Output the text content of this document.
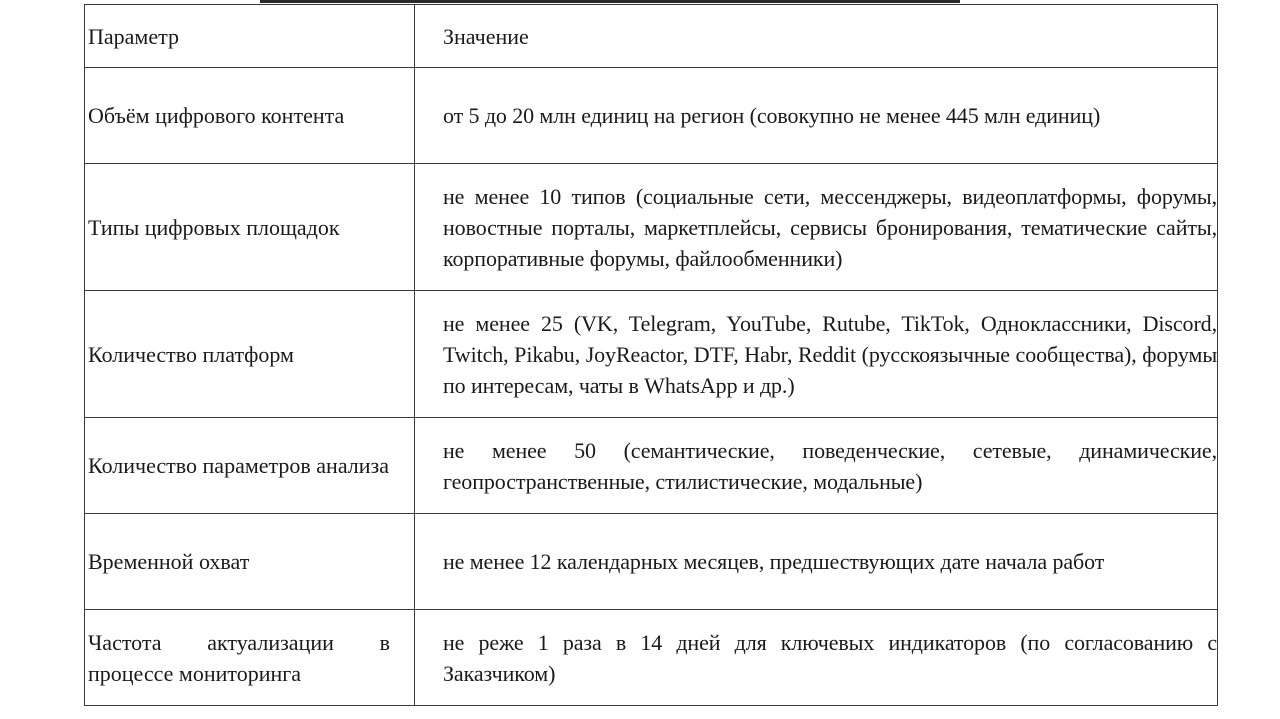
Параметр	Значение
Объём цифрового контента	от 5 до 20 млн единиц на регион (совокупно не менее 445 млн единиц)
Типы цифровых площадок	не менее 10 типов (социальные сети, мессенджеры, видеоплатформы, форумы, новостные порталы, маркетплейсы, сервисы бронирования, тематические сайты, корпоративные форумы, файлообменники)
Количество платформ	не менее 25 (VK, Telegram, YouTube, Rutube, TikTok, Одноклассники, Discord, Twitch, Pikabu, JoyReactor, DTF, Habr, Reddit (русскоязычные сообщества), форумы по интересам, чаты в WhatsApp и др.)
Количество параметров анализа	не менее 50 (семантические, поведенческие, сетевые, динамические, геопространственные, стилистические, модальные)
Временной охват	не менее 12 календарных месяцев, предшествующих дате начала работ
Частота актуализации в процессе мониторинга	не реже 1 раза в 14 дней для ключевых индикаторов (по согласованию с Заказчиком)
